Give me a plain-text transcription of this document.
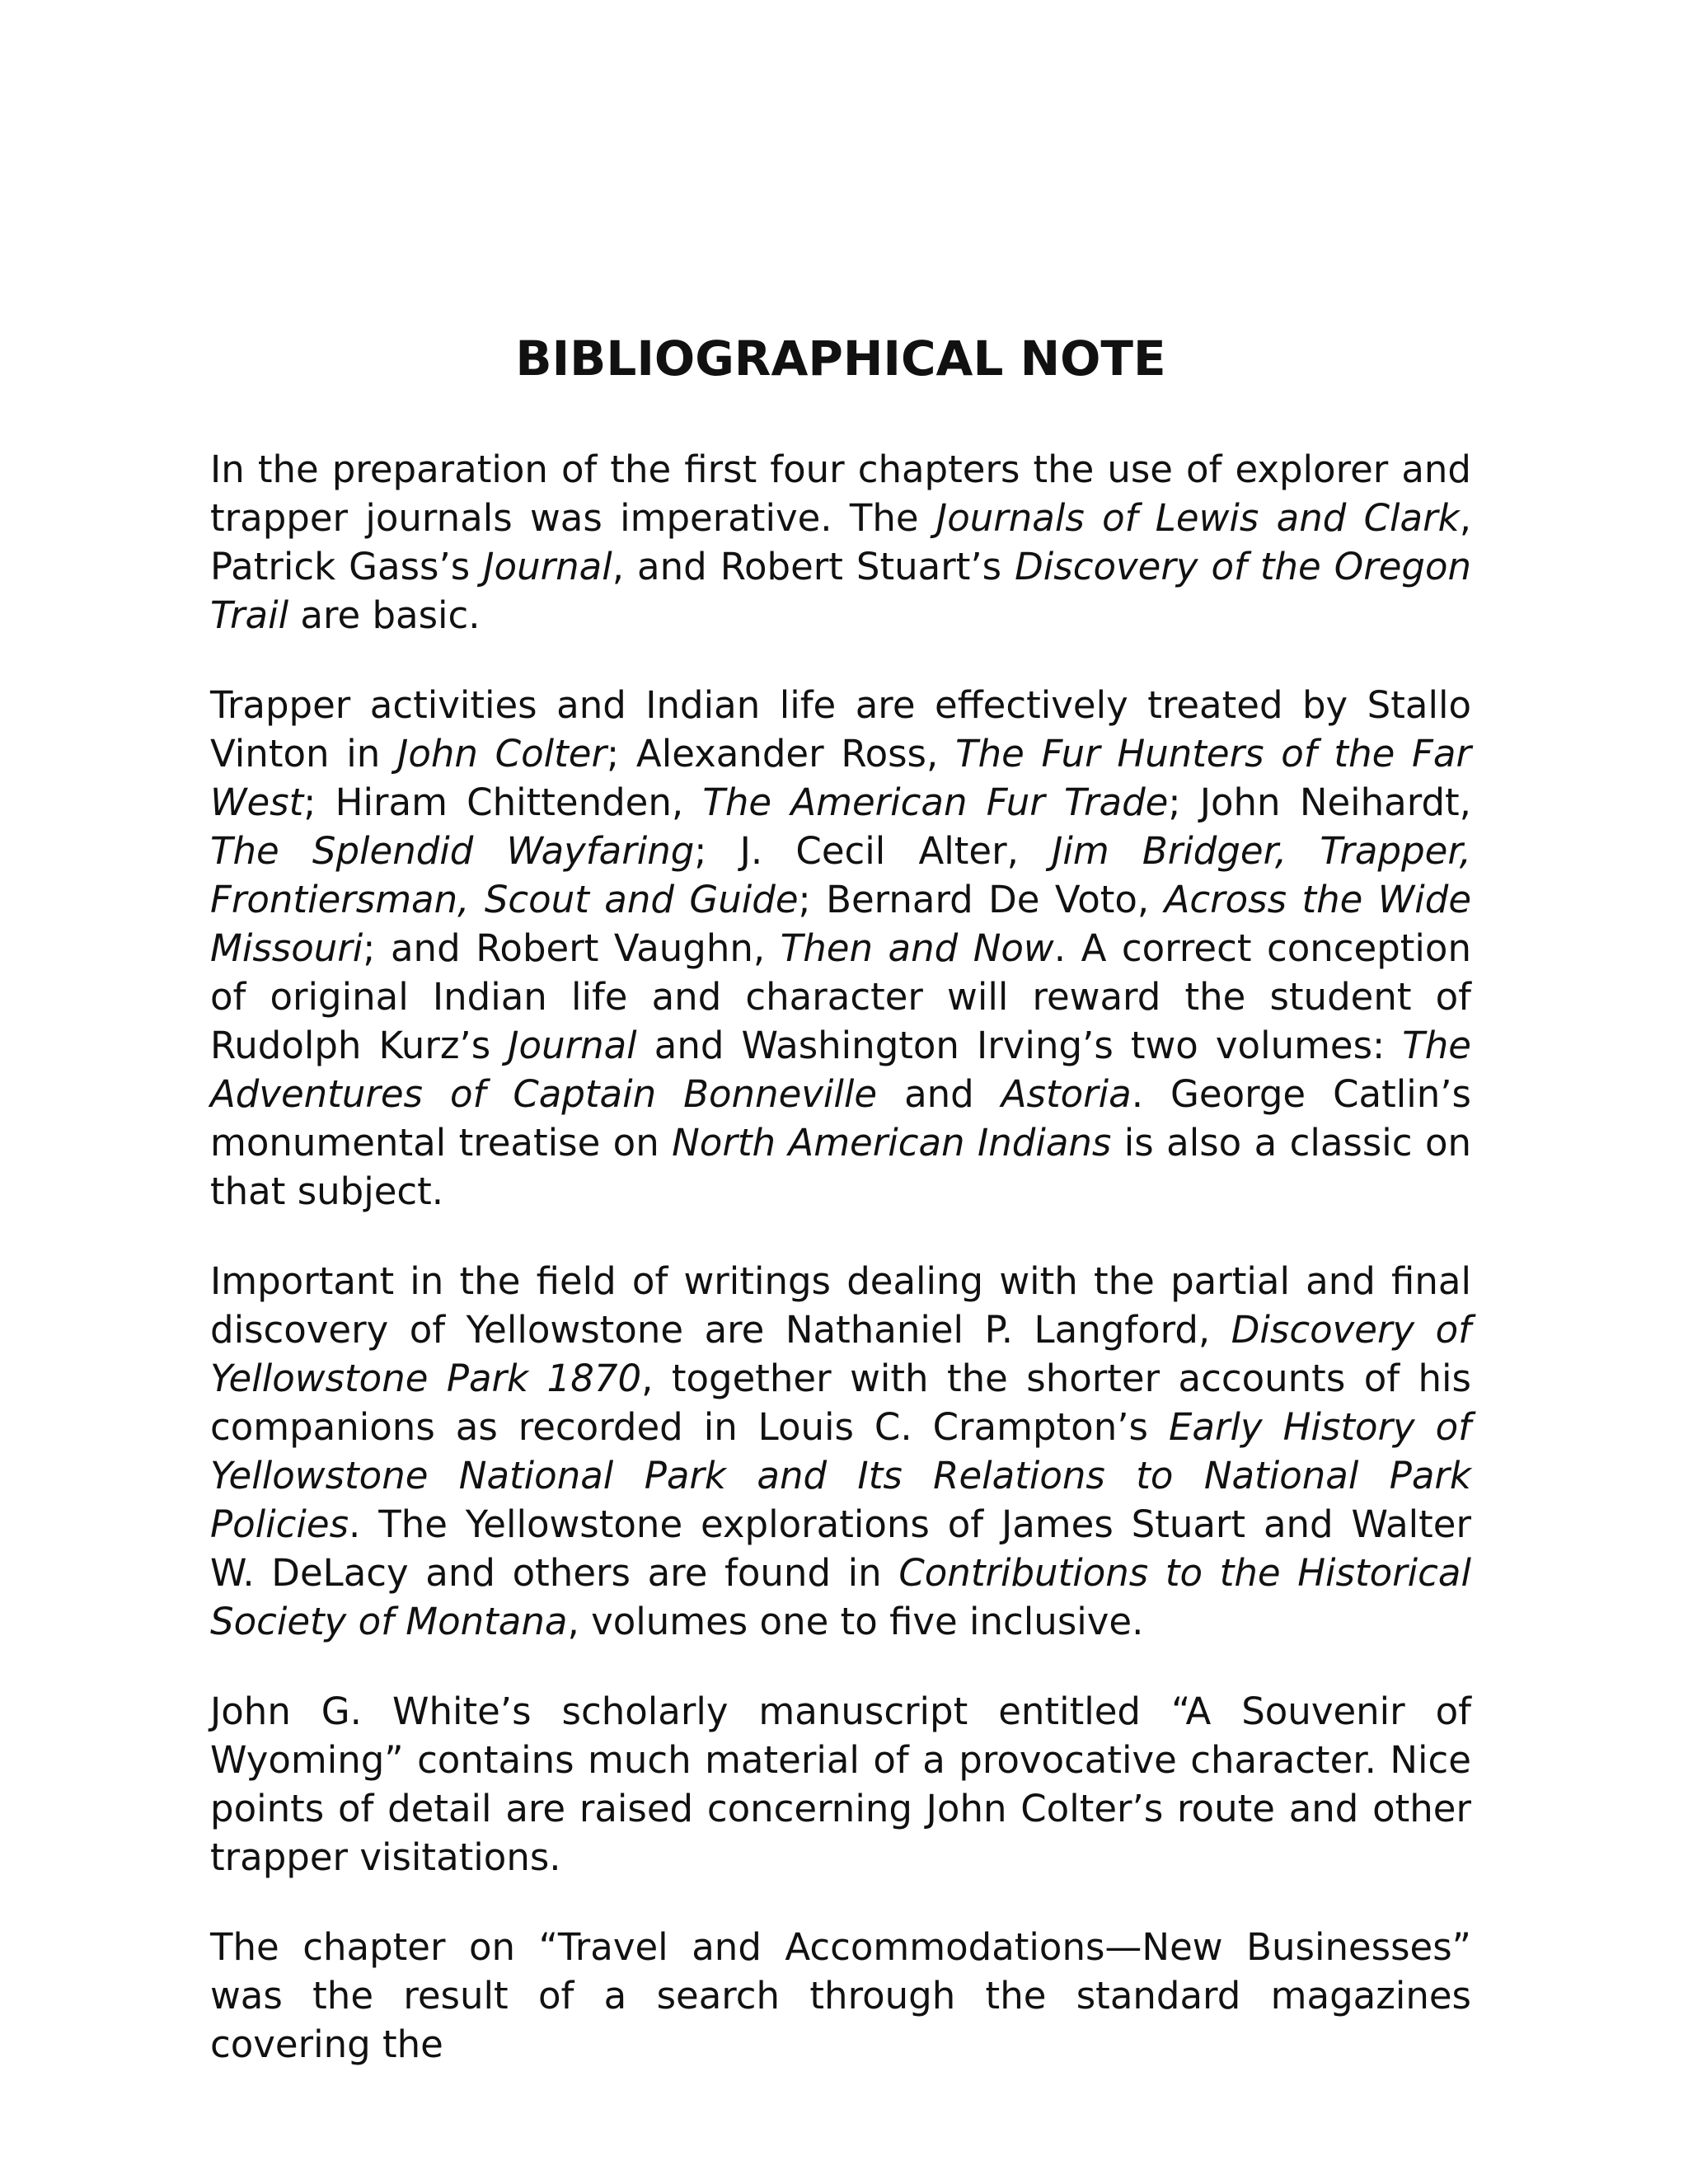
BIBLIOGRAPHICAL NOTE

In the preparation of the first four chapters the use of explorer and trapper journals was imperative. The Journals of Lewis and Clark, Patrick Gass’s Journal, and Robert Stuart’s Discovery of the Oregon Trail are basic.

Trapper activities and Indian life are effectively treated by Stallo Vinton in John Colter; Alexander Ross, The Fur Hunters of the Far West; Hiram Chittenden, The American Fur Trade; John Neihardt, The Splendid Wayfaring; J. Cecil Alter, Jim Bridger, Trapper, Frontiersman, Scout and Guide; Bernard De Voto, Across the Wide Missouri; and Robert Vaughn, Then and Now. A correct conception of original Indian life and character will reward the student of Rudolph Kurz’s Journal and Washington Irving’s two volumes: The Adventures of Captain Bonneville and Astoria. George Catlin’s monumental treatise on North American Indians is also a classic on that subject.

Important in the field of writings dealing with the partial and final discovery of Yellowstone are Nathaniel P. Langford, Discovery of Yellowstone Park 1870, together with the shorter accounts of his companions as recorded in Louis C. Crampton’s Early History of Yellowstone National Park and Its Relations to National Park Policies. The Yellowstone explorations of James Stuart and Walter W. DeLacy and others are found in Contributions to the Historical Society of Montana, volumes one to five inclusive.

John G. White’s scholarly manuscript entitled “A Souvenir of Wyoming” contains much material of a provocative character. Nice points of detail are raised concerning John Colter’s route and other trapper visitations.

The chapter on “Travel and Accommodations—New Businesses” was the result of a search through the standard magazines covering the
